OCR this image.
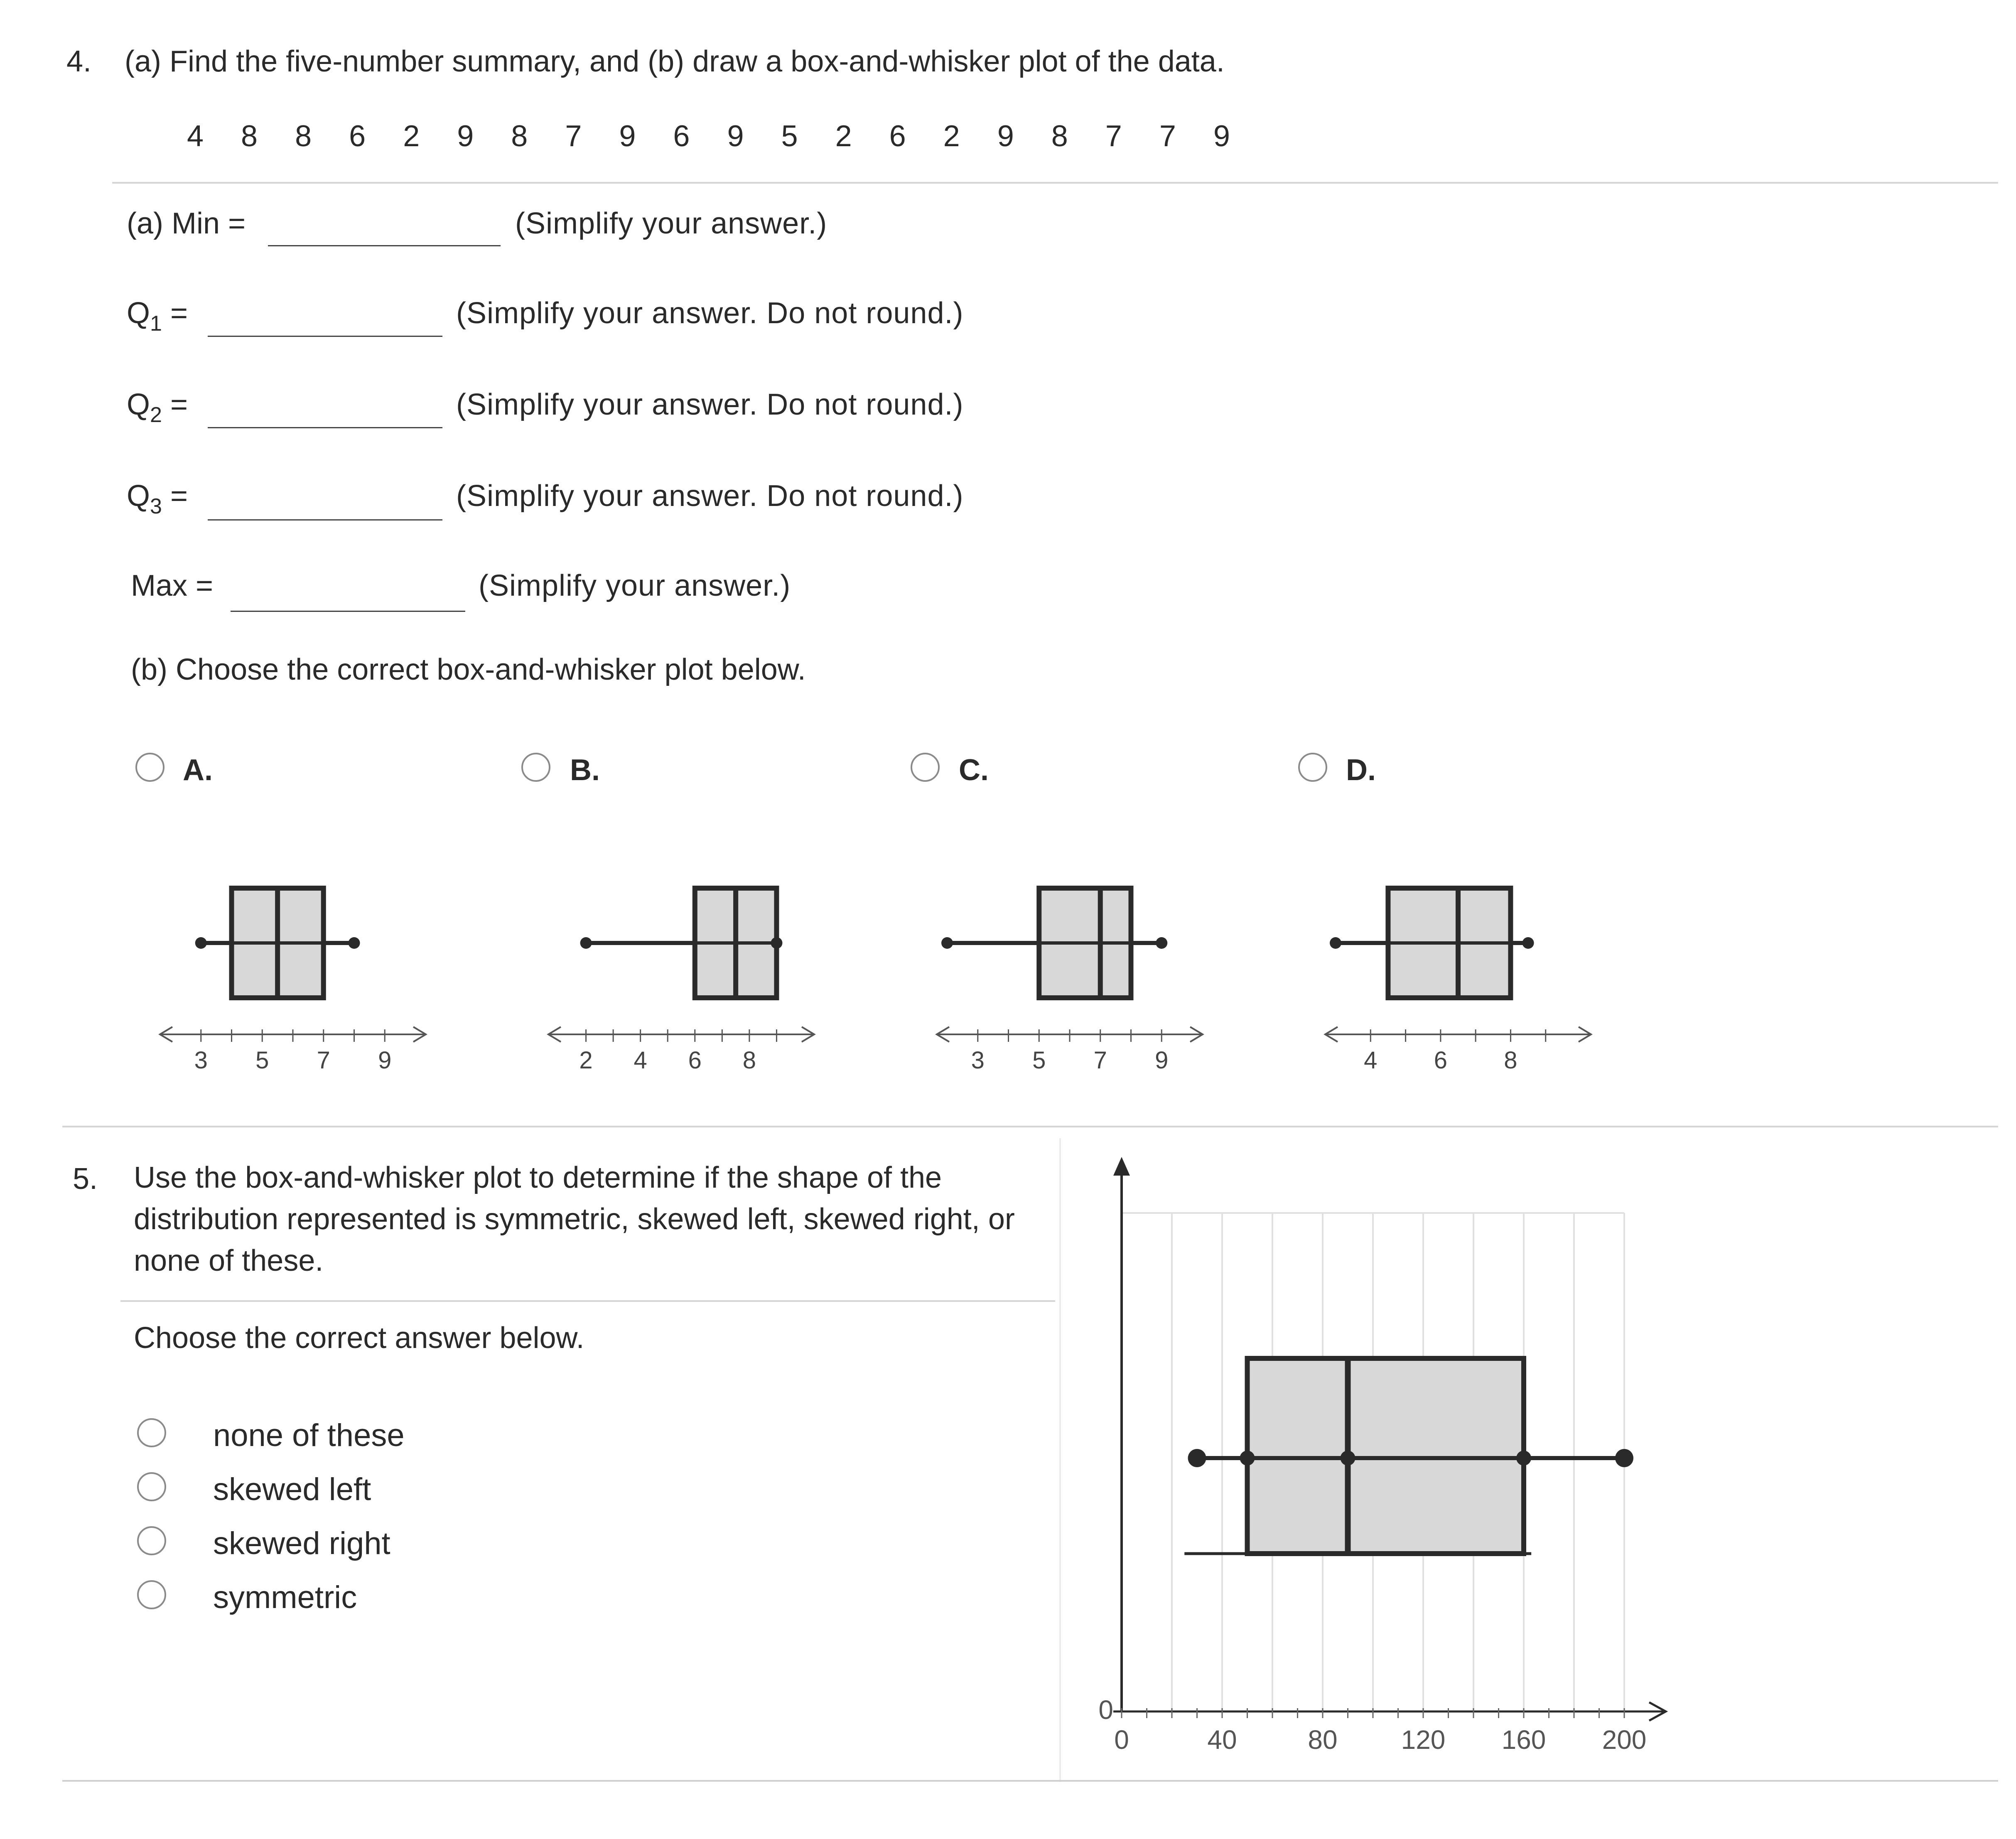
4. (a) Find the five-number summary, and (b) draw a box-and-whisker plot of the data.
4 8 8 6 2 9 8 7 9 6 9 5 2 6 2 9 8 7 7 9
(a) Min =	(Simplify your answer.)
$Q_1$ =	(Simplify your answer. Do not round.)
$Q_2$ =	(Simplify your answer. Do not round.)
$Q_3$ =	(Simplify your answer. Do not round.)
Max =	(Simplify your answer.)
(b) Choose the correct box-and-whisker plot below.
A.	B.	C.	D.
3 5 7 9	2 4 6 8	3 5 7 9	4 6 8
5. Use the box-and-whisker plot to determine if the shape of the distribution represented is symmetric, skewed left, skewed right, or none of these.
Choose the correct answer below.
none of these
skewed left
skewed right
symmetric
0	40	80 120 160 200
0
